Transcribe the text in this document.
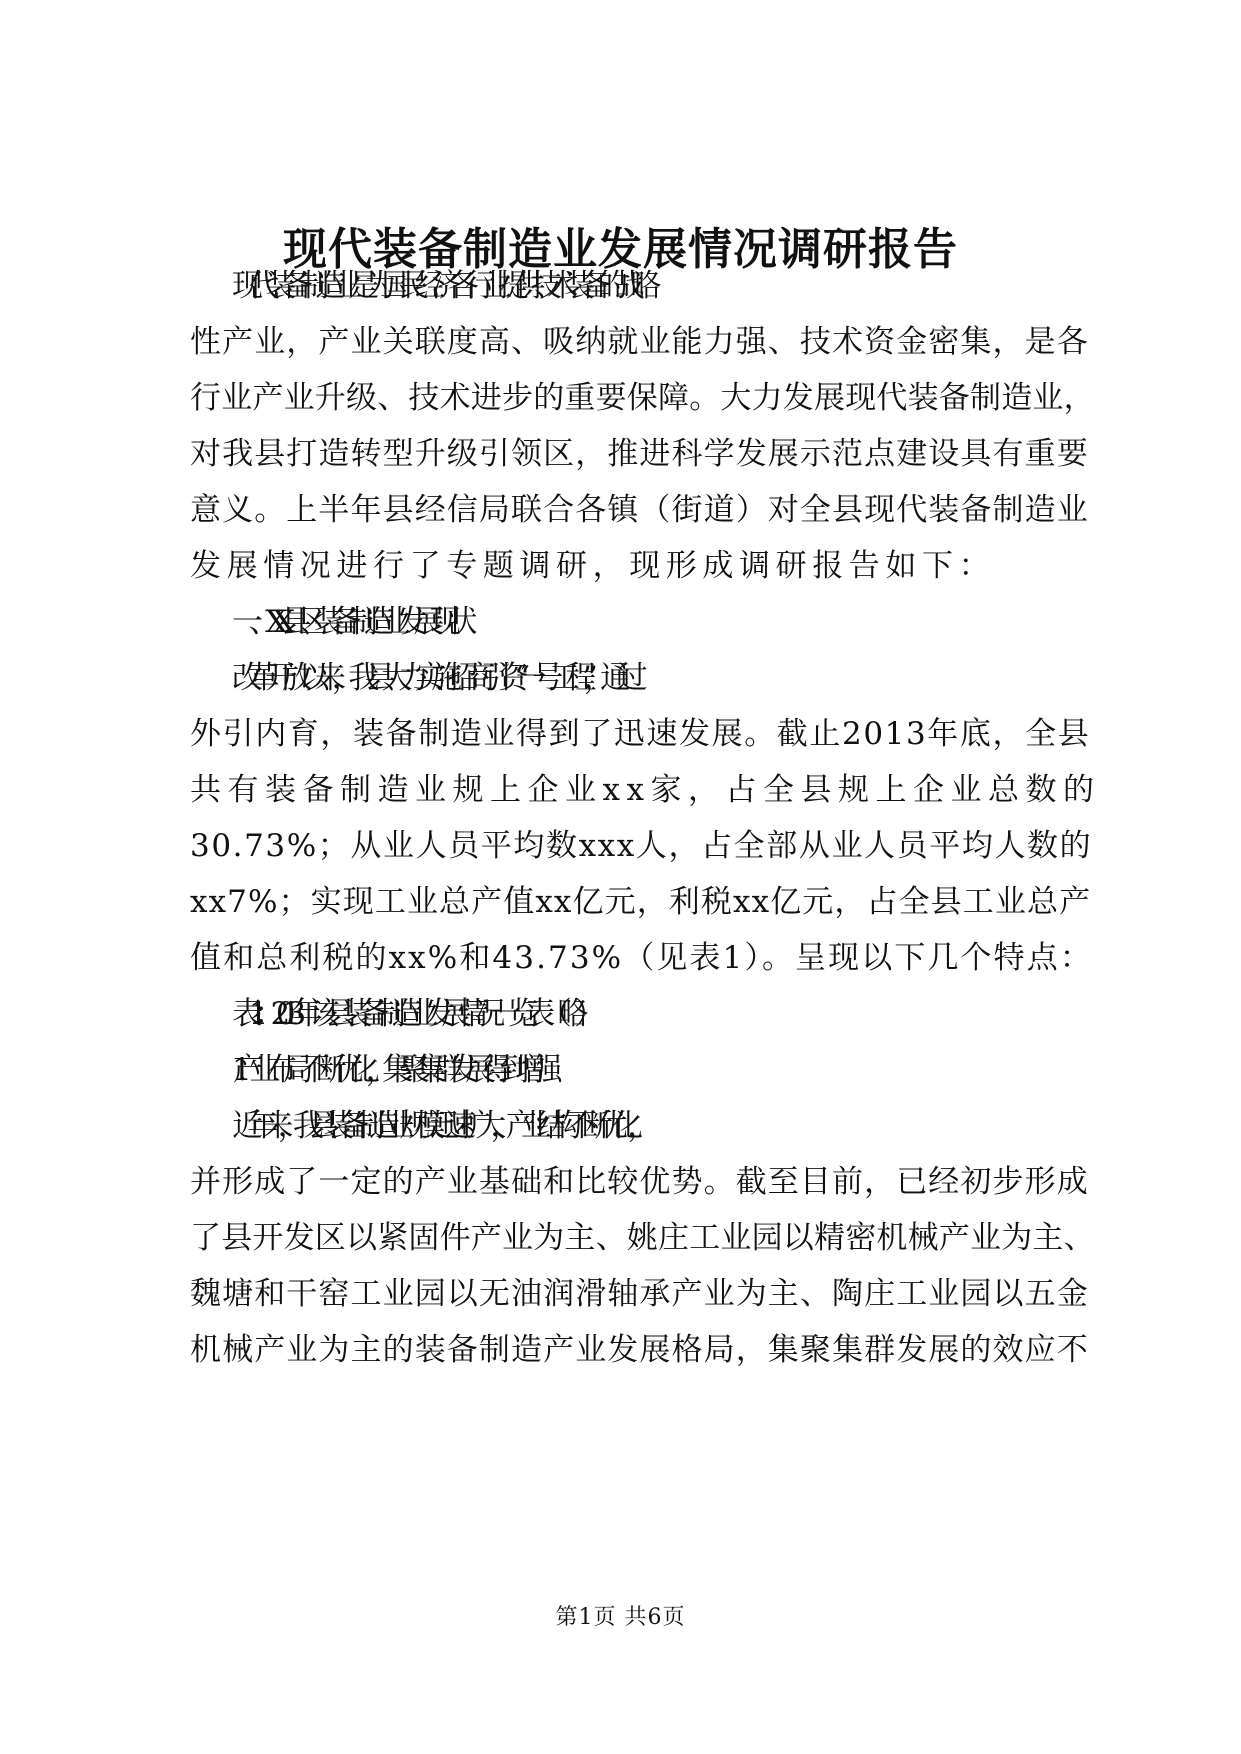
现代装备制造业发展情况调研报告
现代装备制造业是为国民经济各行业提供技术装备的战略
性产业，产业关联度高、吸纳就业能力强、技术资金密集，是各
行业产业升级、技术进步的重要保障。大力发展现代装备制造业，
对我县打造转型升级引领区，推进科学发展示范点建设具有重要
意义。上半年县经信局联合各镇（街道）对全县现代装备制造业
发展情况进行了专题调研，现形成调研报告如下：
一、XX县区装备制造业发展现状
改革开放以来，我县大力实施招商引资“一号工程”，通过
外引内育，装备制造业得到了迅速发展。截止2013年底，全县
共有装备制造业规上企业xx家，占全县规上企业总数的
30.73%；从业人员平均数xxx人，占全部从业人员平均人数的
xx7%；实现工业总产值xx亿元，利税xx亿元，占全县工业总产
值和总利税的xx%和43.73%（见表1）。呈现以下几个特点：
表1：2013年该县装备制造业发展情况一览表（略）
1.产业布局不断优化，集聚集群发展得到增强
近年来，我县装备制造业规模迅速扩大，产业结构不断优化，
并形成了一定的产业基础和比较优势。截至目前，已经初步形成
了县开发区以紧固件产业为主、姚庄工业园以精密机械产业为主、
魏塘和干窑工业园以无油润滑轴承产业为主、陶庄工业园以五金
机械产业为主的装备制造产业发展格局，集聚集群发展的效应不
第1页 共6页
